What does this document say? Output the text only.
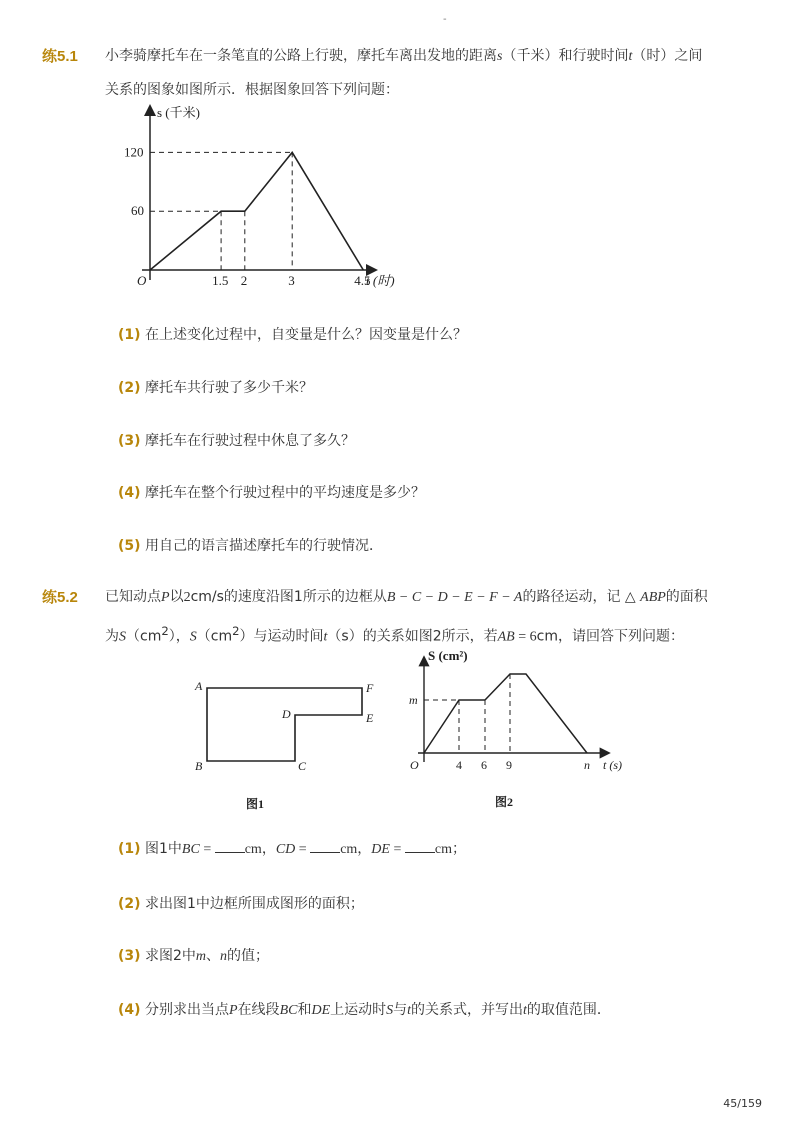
-
练5.1 小李骑摩托车在一条笔直的公路上行驶，摩托车离出发地的距离s（千米）和行驶时间t（时）之间
关系的图象如图所示．根据图象回答下列问题：
1.5 2	3	4.5
120
60
s (千米)
t (时)
O
(1) 在上述变化过程中，自变量是什么？因变量是什么？
(2) 摩托车共行驶了多少千米？
(3) 摩托车在行驶过程中休息了多久？
(4) 摩托车在整个行驶过程中的平均速度是多少？
(5) 用自己的语言描述摩托车的行驶情况．
练5.2 已知动点P以2cm/s的速度沿图1所示的边框从B − C − D − E − F − A的路径运动，记 △ ABP的面积
为$S(cm^2)$，$S(cm^2)$与运动时间t（s）的关系如图2所示，若AB = 6cm，请回答下列问题：
A	F
D	E
B	C
图1
S (cm²)
t (s)
O
m
4 6 9	n
图2
(1) 图1中BC = cm，CD = cm，DE = cm；
(2) 求出图1中边框所围成图形的面积；
(3) 求图2中m、n的值；
(4) 分别求出当点P在线段BC和DE上运动时S与t的关系式，并写出t的取值范围．
45/159
